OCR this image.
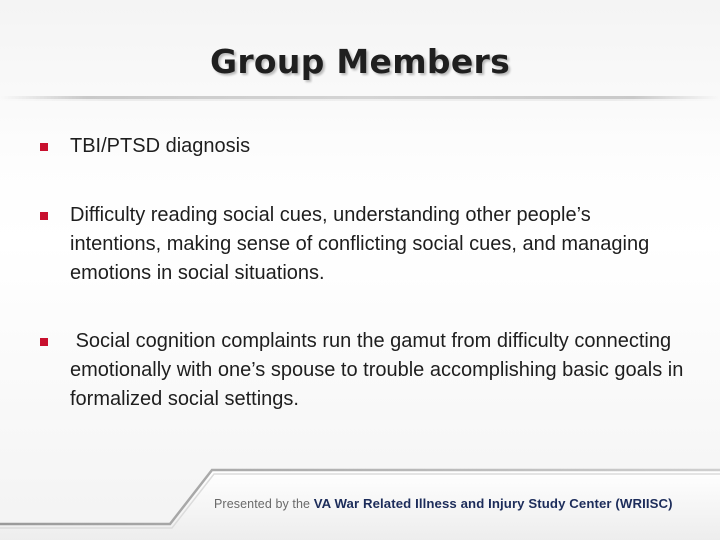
Group Members
TBI/PTSD diagnosis
Difficulty reading social cues, understanding other people’s intentions, making sense of conflicting social cues, and managing emotions in social situations.
Social cognition complaints run the gamut from difficulty connecting emotionally with one’s spouse to trouble accomplishing basic goals in formalized social settings.
Presented by the VA War Related Illness and Injury Study Center (WRIISC)
